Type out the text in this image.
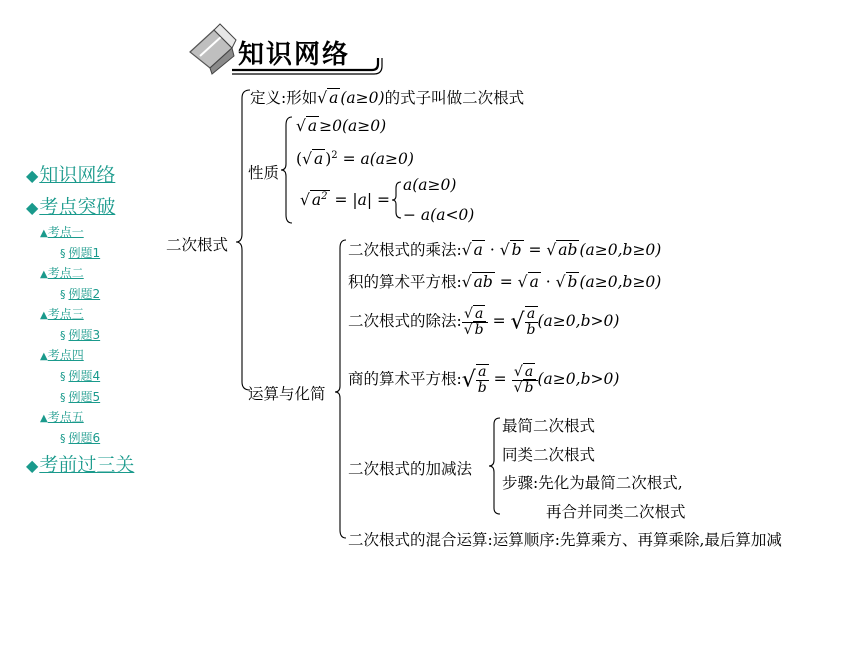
知识网络
◆知识网络
◆考点突破
▲考点一
§ 例题1
▲考点二
§ 例题2
▲考点三
§ 例题3
▲考点四
§ 例题4
§ 例题5
▲考点五
§ 例题6
◆考前过三关
二次根式
定义:形如√ a (a≥0)的式子叫做二次根式
性质
√ a ≥0(a≥0)
(√ a )$^2$ = a(a≥0)
√ $a^2 = |a|$ =
a(a≥0)
− a(a<0)
运算与化简
二次根式的乘法:√ a · √ b = √ ab (a≥0,b≥0)
积的算术平方根:√ ab = √ a · √ b (a≥0,b≥0)
二次根式的除法: $\frac{√ a}{√ b}$ = √ $\frac{a}{b} (a\ge 0,b>0)$
商的算术平方根:√ $\frac{a}{b} = \frac{√ a}{√ b} (a\ge 0,b>0)$
二次根式的加减法
最简二次根式
同类二次根式
步骤:先化为最简二次根式,
再合并同类二次根式
二次根式的混合运算:运算顺序:先算乘方、再算乘除,最后算加减
